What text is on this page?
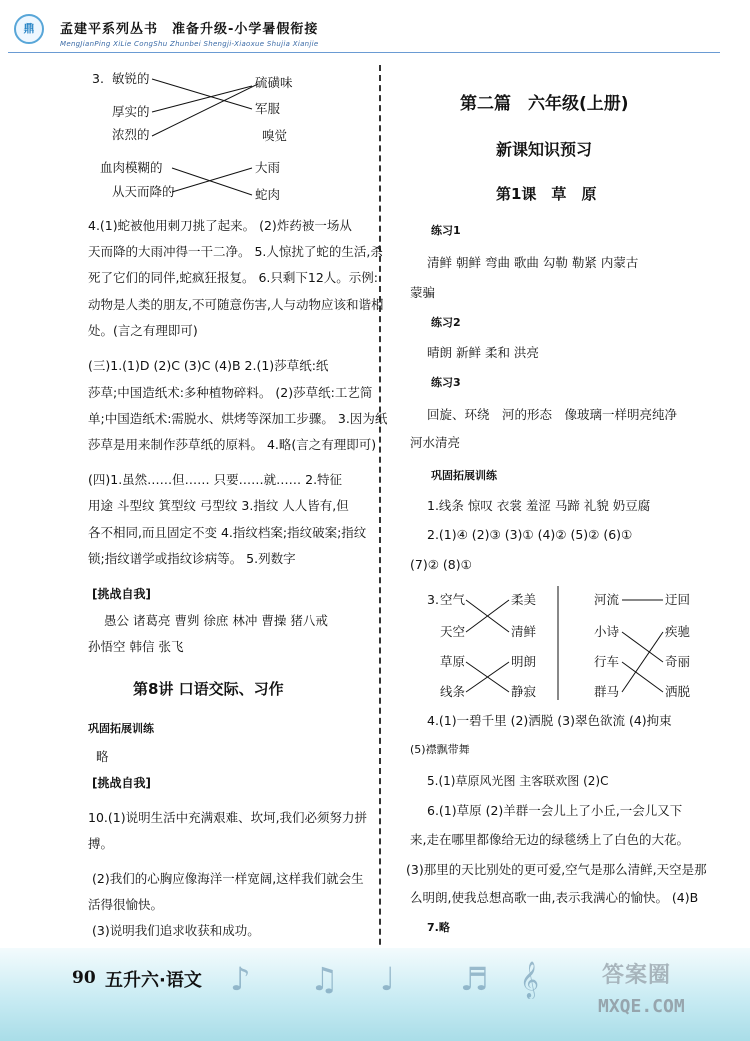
鼎	孟建平系列丛书　准备升级-小学暑假衔接
MengJianPing XiLie CongShu Zhunbei Shengji-Xiaoxue Shujia Xianjie
3. 敏锐的
厚实的
浓烈的
血肉模糊的
从天而降的
硫磺味
军服
嗅觉
大雨
蛇肉
4.(1)蛇被他用刺刀挑了起来。 (2)炸药被一场从
天而降的大雨冲得一干二净。 5.人惊扰了蛇的生活,杀
死了它们的同伴,蛇疯狂报复。 6.只剩下12人。示例:
动物是人类的朋友,不可随意伤害,人与动物应该和谐相
处。(言之有理即可)
(三)1.(1)D (2)C (3)C (4)B 2.(1)莎草纸:纸
莎草;中国造纸术:多种植物碎料。 (2)莎草纸:工艺简
单;中国造纸术:需脱水、烘烤等深加工步骤。 3.因为纸
莎草是用来制作莎草纸的原料。 4.略(言之有理即可)
(四)1.虽然……但…… 只要……就…… 2.特征
用途 斗型纹 箕型纹 弓型纹 3.指纹 人人皆有,但
各不相同,而且固定不变 4.指纹档案;指纹破案;指纹
锁;指纹谱学或指纹诊病等。 5.列数字
[挑战自我]
愚公 诸葛亮 曹刿 徐庶 林冲 曹操 猪八戒
孙悟空 韩信 张飞
第8讲 口语交际、习作
巩固拓展训练
略
[挑战自我]
10.(1)说明生活中充满艰难、坎坷,我们必须努力拼
搏。
(2)我们的心胸应像海洋一样宽阔,这样我们就会生
活得很愉快。
(3)说明我们追求收获和成功。
第二篇　六年级(上册)
新课知识预习
第1课　草　原
练习1
清鲜 朝鲜 弯曲 歌曲 勾勒 勒紧 内蒙古
蒙骗
练习2
晴朗 新鲜 柔和 洪亮
练习3
回旋、环绕　河的形态　像玻璃一样明亮纯净
河水清亮
巩固拓展训练
1.线条 惊叹 衣裳 羞涩 马蹄 礼貌 奶豆腐
2.(1)④ (2)③ (3)① (4)② (5)② (6)①
(7)② (8)①
3. 空气
天空
草原
线条
柔美
清鲜
明朗
静寂
河流
小诗
行车
群马
迂回
疾驰
奇丽
洒脱
4.(1)一碧千里 (2)洒脱 (3)翠色欲流 (4)拘束
(5)襟飘带舞
5.(1)草原风光图 主客联欢图 (2)C
6.(1)草原 (2)羊群一会儿上了小丘,一会儿又下
来,走在哪里都像给无边的绿毯绣上了白色的大花。
(3)那里的天比别处的更可爱,空气是那么清鲜,天空是那
么明朗,使我总想高歌一曲,表示我满心的愉快。 (4)B
7.略
90 五升六·语文 ♪ ♫ ♩ ♬ 𝄞	答案圈
MXQE.COM
